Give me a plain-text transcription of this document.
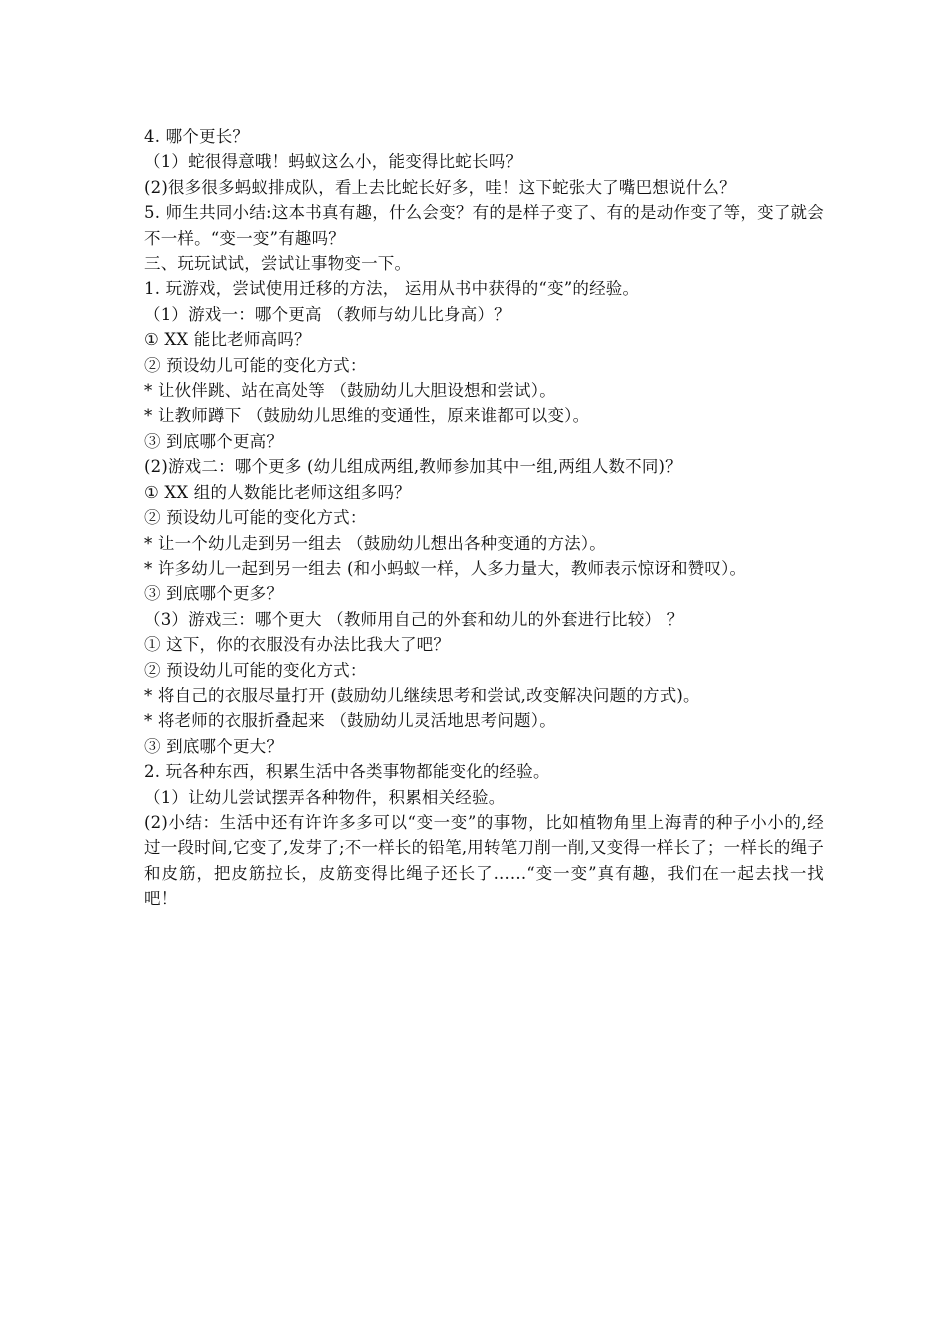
4. 哪个更长？
（1）蛇很得意哦！蚂蚁这么小，能变得比蛇长吗？
(2)很多很多蚂蚁排成队，看上去比蛇长好多，哇！这下蛇张大了嘴巴想说什么？
5. 师生共同小结:这本书真有趣，什么会变？有的是样子变了、有的是动作变了等，变了就会不一样。“变一变”有趣吗？
三、玩玩试试，尝试让事物变一下。
1. 玩游戏，尝试使用迁移的方法， 运用从书中获得的“变”的经验。
（1）游戏一：哪个更高 （教师与幼儿比身高）？
① XX 能比老师高吗？
② 预设幼儿可能的变化方式：
* 让伙伴跳、站在高处等 （鼓励幼儿大胆设想和尝试）。
* 让教师蹲下 （鼓励幼儿思维的变通性，原来谁都可以变）。
③ 到底哪个更高？
(2)游戏二：哪个更多 (幼儿组成两组,教师参加其中一组,两组人数不同)？
① XX 组的人数能比老师这组多吗？
② 预设幼儿可能的变化方式：
* 让一个幼儿走到另一组去 （鼓励幼儿想出各种变通的方法）。
* 许多幼儿一起到另一组去 (和小蚂蚁一样，人多力量大，教师表示惊讶和赞叹）。
③ 到底哪个更多？
（3）游戏三：哪个更大 （教师用自己的外套和幼儿的外套进行比较） ？
① 这下，你的衣服没有办法比我大了吧？
② 预设幼儿可能的变化方式：
* 将自己的衣服尽量打开 (鼓励幼儿继续思考和尝试,改变解决问题的方式)。
* 将老师的衣服折叠起来 （鼓励幼儿灵活地思考问题）。
③ 到底哪个更大？
2. 玩各种东西，积累生活中各类事物都能变化的经验。
（1）让幼儿尝试摆弄各种物件，积累相关经验。
(2)小结：生活中还有许许多多可以“变一变”的事物，比如植物角里上海青的种子小小的,经过一段时间,它变了,发芽了;不一样长的铅笔,用转笔刀削一削,又变得一样长了；一样长的绳子和皮筋，把皮筋拉长，皮筋变得比绳子还长了......“变一变”真有趣，我们在一起去找一找吧！
